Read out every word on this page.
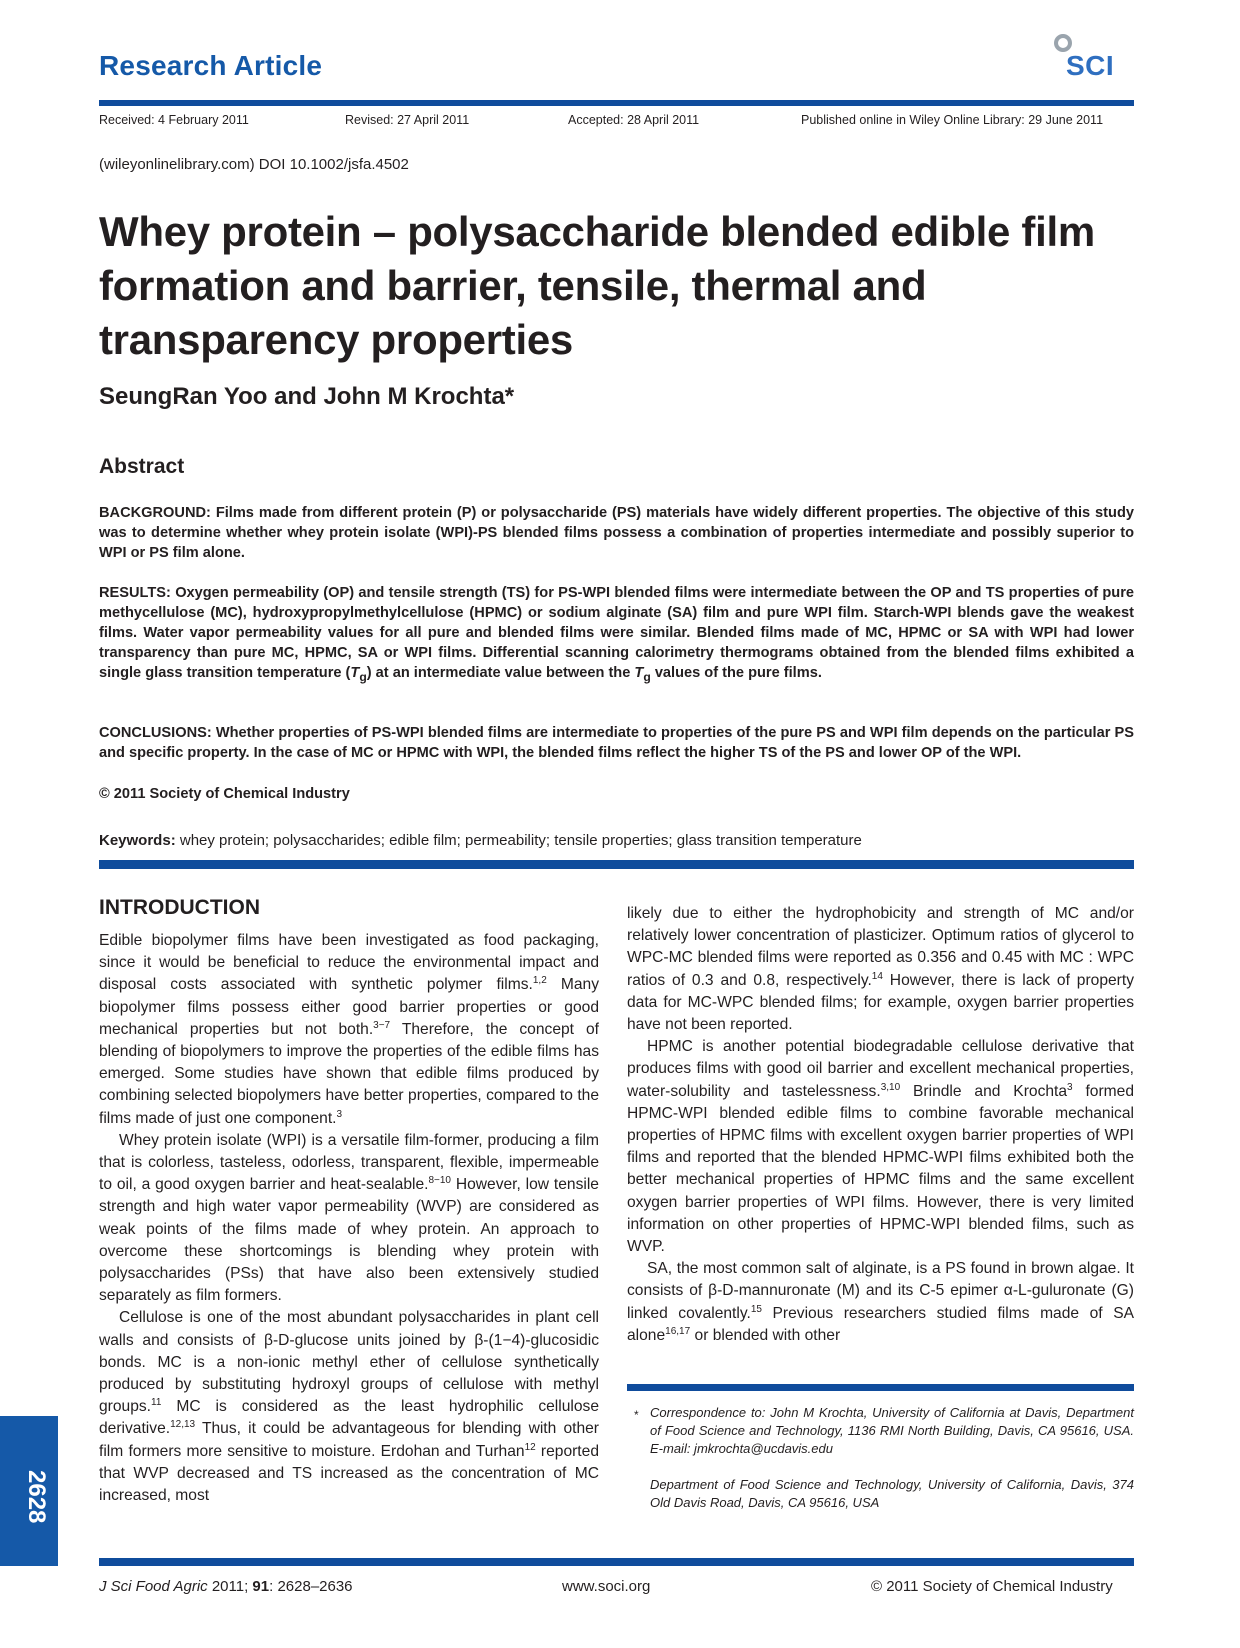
Research Article	SCI
Received: 4 February 2011	Revised: 27 April 2011	Accepted: 28 April 2011	Published online in Wiley Online Library: 29 June 2011
(wileyonlinelibrary.com) DOI 10.1002/jsfa.4502
Whey protein – polysaccharide blended edible film formation and barrier, tensile, thermal and transparency properties
SeungRan Yoo and John M Krochta*
Abstract
BACKGROUND: Films made from different protein (P) or polysaccharide (PS) materials have widely different properties. The objective of this study was to determine whether whey protein isolate (WPI)-PS blended films possess a combination of properties intermediate and possibly superior to WPI or PS film alone.
RESULTS: Oxygen permeability (OP) and tensile strength (TS) for PS-WPI blended films were intermediate between the OP and TS properties of pure methycellulose (MC), hydroxypropylmethylcellulose (HPMC) or sodium alginate (SA) film and pure WPI film. Starch-WPI blends gave the weakest films. Water vapor permeability values for all pure and blended films were similar. Blended films made of MC, HPMC or SA with WPI had lower transparency than pure MC, HPMC, SA or WPI films. Differential scanning calorimetry thermograms obtained from the blended films exhibited a single glass transition temperature $(T_g)$ at an intermediate value between the $T_g$ values of the pure films.
CONCLUSIONS: Whether properties of PS-WPI blended films are intermediate to properties of the pure PS and WPI film depends on the particular PS and specific property. In the case of MC or HPMC with WPI, the blended films reflect the higher TS of the PS and lower OP of the WPI.
© 2011 Society of Chemical Industry
Keywords: whey protein; polysaccharides; edible film; permeability; tensile properties; glass transition temperature
INTRODUCTION

Edible biopolymer films have been investigated as food packaging, since it would be beneficial to reduce the environmental impact and disposal costs associated with synthetic polymer films.$^{1,2}$ Many biopolymer films possess either good barrier properties or good mechanical properties but not both.$^{3-7}$ Therefore, the concept of blending of biopolymers to improve the properties of the edible films has emerged. Some studies have shown that edible films produced by combining selected biopolymers have better properties, compared to the films made of just one component.$^3$

Whey protein isolate (WPI) is a versatile film-former, producing a film that is colorless, tasteless, odorless, transparent, flexible, impermeable to oil, a good oxygen barrier and heat-sealable.$^{8-10}$ However, low tensile strength and high water vapor permeability (WVP) are considered as weak points of the films made of whey protein. An approach to overcome these shortcomings is blending whey protein with polysaccharides (PSs) that have also been extensively studied separately as film formers.

Cellulose is one of the most abundant polysaccharides in plant cell walls and consists of β-D-glucose units joined by β-(1−4)-glucosidic bonds. MC is a non-ionic methyl ether of cellulose synthetically produced by substituting hydroxyl groups of cellulose with methyl groups.$^{11}$ MC is considered as the least hydrophilic cellulose derivative.$^{12,13}$ Thus, it could be advantageous for blending with other film formers more sensitive to moisture. Erdohan and Turhan$^{12}$ reported that WVP decreased and TS increased as the concentration of MC increased, most

likely due to either the hydrophobicity and strength of MC and/or relatively lower concentration of plasticizer. Optimum ratios of glycerol to WPC-MC blended films were reported as 0.356 and 0.45 with MC : WPC ratios of 0.3 and 0.8, respectively.$^{14}$ However, there is lack of property data for MC-WPC blended films; for example, oxygen barrier properties have not been reported.

HPMC is another potential biodegradable cellulose derivative that produces films with good oil barrier and excellent mechanical properties, water-solubility and tastelessness.$^{3,10}$ Brindle and Krochta$^3$ formed HPMC-WPI blended edible films to combine favorable mechanical properties of HPMC films with excellent oxygen barrier properties of WPI films and reported that the blended HPMC-WPI films exhibited both the better mechanical properties of HPMC films and the same excellent oxygen barrier properties of WPI films. However, there is very limited information on other properties of HPMC-WPI blended films, such as WVP.

SA, the most common salt of alginate, is a PS found in brown algae. It consists of β-D-mannuronate (M) and its C-5 epimer α-L-guluronate (G) linked covalently.$^{15}$ Previous researchers studied films made of SA alone$^{16,17}$ or blended with other

* Correspondence to: John M Krochta, University of California at Davis, Department of Food Science and Technology, 1136 RMI North Building, Davis, CA 95616, USA. E-mail: jmkrochta@ucdavis.edu
Department of Food Science and Technology, University of California, Davis, 374 Old Davis Road, Davis, CA 95616, USA
2628
J Sci Food Agric 2011; 91: 2628–2636	www.soci.org	© 2011 Society of Chemical Industry
